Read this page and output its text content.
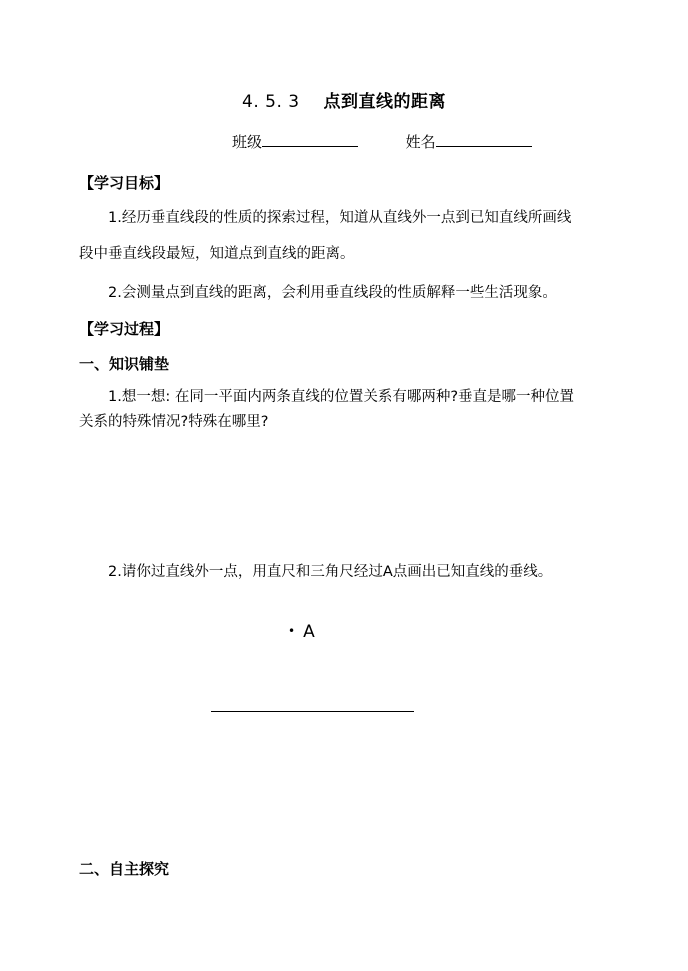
4. 5. 3 点到直线的距离
班级	姓名
【学习目标】
1.经历垂直线段的性质的探索过程，知道从直线外一点到已知直线所画线
段中垂直线段最短，知道点到直线的距离。
2.会测量点到直线的距离，会利用垂直线段的性质解释一些生活现象。
【学习过程】
一、知识铺垫
1.想一想: 在同一平面内两条直线的位置关系有哪两种?垂直是哪一种位置
关系的特殊情况?特殊在哪里?
2.请你过直线外一点，用直尺和三角尺经过A点画出已知直线的垂线。
• A
二、自主探究
